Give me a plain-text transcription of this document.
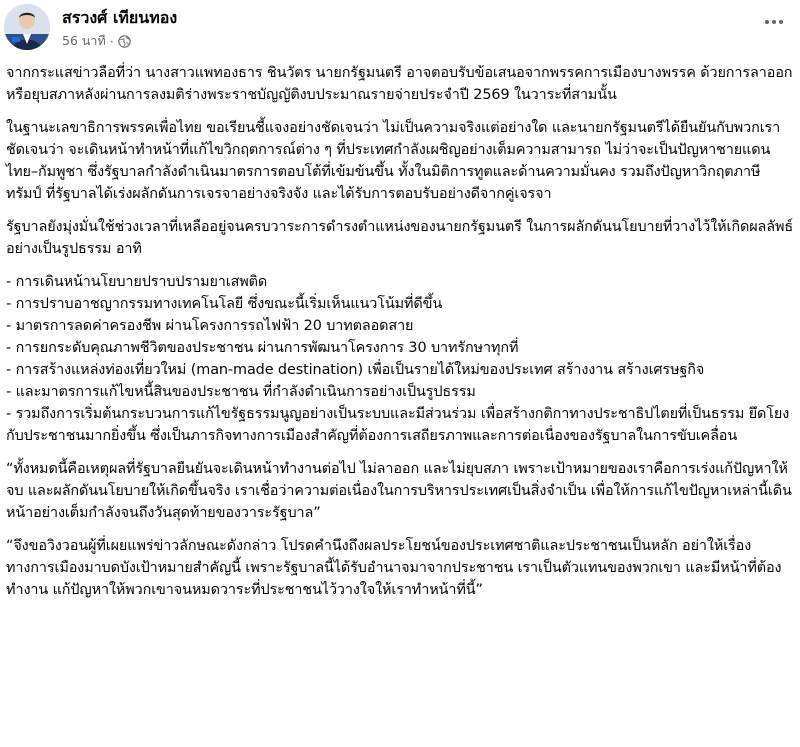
สรวงศ์ เทียนทอง
56 นาที ·

จากกระแสข่าวลือที่ว่า นางสาวแพทองธาร ชินวัตร นายกรัฐมนตรี อาจตอบรับข้อเสนอจากพรรคการเมืองบางพรรค ด้วยการลาออกหรือยุบสภาหลังผ่านการลงมติร่างพระราชบัญญัติงบประมาณรายจ่ายประจำปี 2569 ในวาระที่สามนั้น

ในฐานะเลขาธิการพรรคเพื่อไทย ขอเรียนชี้แจงอย่างชัดเจนว่า ไม่เป็นความจริงแต่อย่างใด และนายกรัฐมนตรีได้ยืนยันกับพวกเราชัดเจนว่า จะเดินหน้าทำหน้าที่แก้ไขวิกฤตการณ์ต่าง ๆ ที่ประเทศกำลังเผชิญอย่างเต็มความสามารถ ไม่ว่าจะเป็นปัญหาชายแดนไทย–กัมพูชา ซึ่งรัฐบาลกำลังดำเนินมาตรการตอบโต้ที่เข้มข้นขึ้น ทั้งในมิติการทูตและด้านความมั่นคง รวมถึงปัญหาวิกฤตภาษีทรัมป์ ที่รัฐบาลได้เร่งผลักดันการเจรจาอย่างจริงจัง และได้รับการตอบรับอย่างดีจากคู่เจรจา

รัฐบาลยังมุ่งมั่นใช้ช่วงเวลาที่เหลืออยู่จนครบวาระการดำรงตำแหน่งของนายกรัฐมนตรี ในการผลักดันนโยบายที่วางไว้ให้เกิดผลลัพธ์อย่างเป็นรูปธรรม อาทิ

- การเดินหน้านโยบายปราบปรามยาเสพติด
- การปราบอาชญากรรมทางเทคโนโลยี ซึ่งขณะนี้เริ่มเห็นแนวโน้มที่ดีขึ้น
- มาตรการลดค่าครองชีพ ผ่านโครงการรถไฟฟ้า 20 บาทตลอดสาย
- การยกระดับคุณภาพชีวิตของประชาชน ผ่านการพัฒนาโครงการ 30 บาทรักษาทุกที่
- การสร้างแหล่งท่องเที่ยวใหม่ (man-made destination) เพื่อเป็นรายได้ใหม่ของประเทศ สร้างงาน สร้างเศรษฐกิจ
- และมาตรการแก้ไขหนี้สินของประชาชน ที่กำลังดำเนินการอย่างเป็นรูปธรรม
- รวมถึงการเริ่มต้นกระบวนการแก้ไขรัฐธรรมนูญอย่างเป็นระบบและมีส่วนร่วม เพื่อสร้างกติกาทางประชาธิปไตยที่เป็นธรรม ยึดโยงกับประชาชนมากยิ่งขึ้น ซึ่งเป็นภารกิจทางการเมืองสำคัญที่ต้องการเสถียรภาพและการต่อเนื่องของรัฐบาลในการขับเคลื่อน

“ทั้งหมดนี้คือเหตุผลที่รัฐบาลยืนยันจะเดินหน้าทำงานต่อไป ไม่ลาออก และไม่ยุบสภา เพราะเป้าหมายของเราคือการเร่งแก้ปัญหาให้จบ และผลักดันนโยบายให้เกิดขึ้นจริง เราเชื่อว่าความต่อเนื่องในการบริหารประเทศเป็นสิ่งจำเป็น เพื่อให้การแก้ไขปัญหาเหล่านี้เดินหน้าอย่างเต็มกำลังจนถึงวันสุดท้ายของวาระรัฐบาล”

“จึงขอวิงวอนผู้ที่เผยแพร่ข่าวลักษณะดังกล่าว โปรดคำนึงถึงผลประโยชน์ของประเทศชาติและประชาชนเป็นหลัก อย่าให้เรื่องทางการเมืองมาบดบังเป้าหมายสำคัญนี้ เพราะรัฐบาลนี้ได้รับอำนาจมาจากประชาชน เราเป็นตัวแทนของพวกเขา และมีหน้าที่ต้องทำงาน แก้ปัญหาให้พวกเขาจนหมดวาระที่ประชาชนไว้วางใจให้เราทำหน้าที่นี้”
